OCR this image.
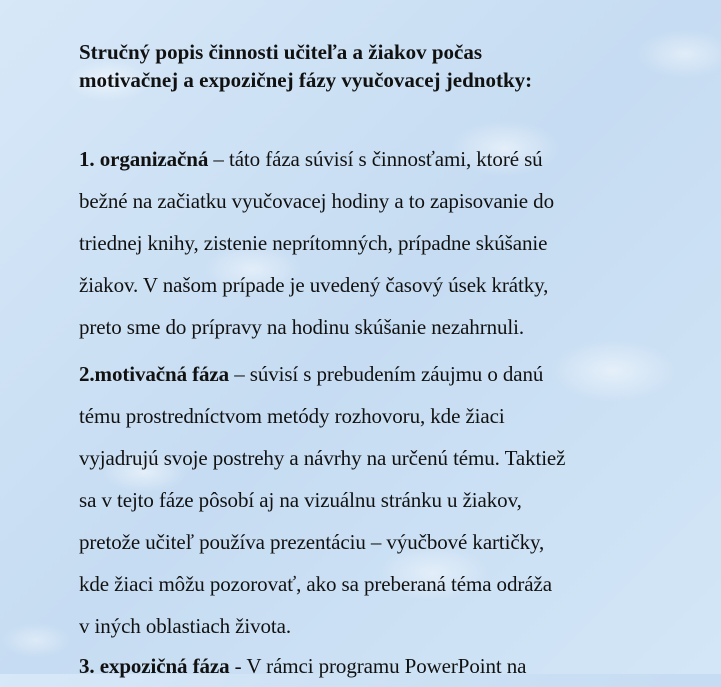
Stručný popis činnosti učiteľa a žiakov počas
motivačnej a expozičnej fázy vyučovacej jednotky:

1. organizačná – táto fáza súvisí s činnosťami, ktoré sú
bežné na začiatku vyučovacej hodiny a to zapisovanie do
triednej knihy, zistenie neprítomných, prípadne skúšanie
žiakov. V našom prípade je uvedený časový úsek krátky,
preto sme do prípravy na hodinu skúšanie nezahrnuli.

2.motivačná fáza – súvisí s prebudením záujmu o danú
tému prostredníctvom metódy rozhovoru, kde žiaci
vyjadrujú svoje postrehy a návrhy na určenú tému. Taktiež
sa v tejto fáze pôsobí aj na vizuálnu stránku u žiakov,
pretože učiteľ používa prezentáciu – výučbové kartičky,
kde žiaci môžu pozorovať, ako sa preberaná téma odráža
v iných oblastiach života.

3. expozičná fáza - V rámci programu PowerPoint na
